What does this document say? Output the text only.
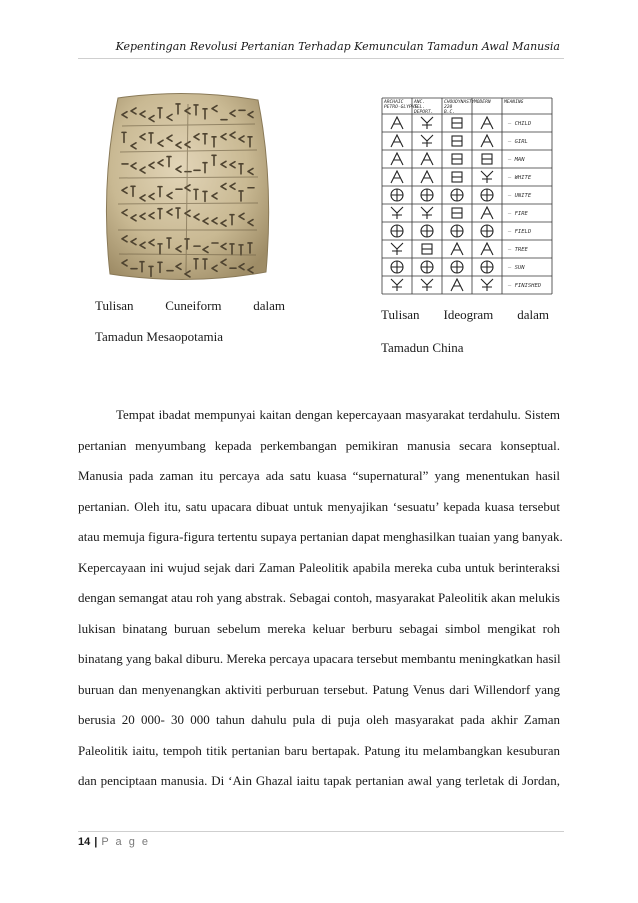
Kepentingan Revolusi Pertanian Terhadap Kemunculan Tamadun Awal Manusia
ARCHAIC PETRO-GLYPHS
ANC. TEL. DEPORT.
CHOUDYNASTY 220 B.C.
MODERN	MEANING
— CHILD
— GIRL
— MAN
— WHITE
— UNITE
— FIRE
— FIELD
— TREE
— SUN
— FINISHED
Tulisan Cuneiform dalam
Tamadun Mesaopotamia
Tulisan Ideogram dalam
Tamadun China
Tempat ibadat mempunyai kaitan dengan kepercayaan masyarakat terdahulu. Sistem
pertanian menyumbang kepada perkembangan pemikiran manusia secara konseptual.
Manusia pada zaman itu percaya ada satu kuasa “supernatural” yang menentukan hasil
pertanian. Oleh itu, satu upacara dibuat untuk menyajikan ‘sesuatu’ kepada kuasa tersebut
atau memuja figura-figura tertentu supaya pertanian dapat menghasilkan tuaian yang banyak.
Kepercayaan ini wujud sejak dari Zaman Paleolitik apabila mereka cuba untuk berinteraksi
dengan semangat atau roh yang abstrak. Sebagai contoh, masyarakat Paleolitik akan melukis
lukisan binatang buruan sebelum mereka keluar berburu sebagai simbol mengikat roh
binatang yang bakal diburu. Mereka percaya upacara tersebut membantu meningkatkan hasil
buruan dan menyenangkan aktiviti perburuan tersebut. Patung Venus dari Willendorf yang
berusia 20 000- 30 000 tahun dahulu pula di puja oleh masyarakat pada akhir Zaman
Paleolitik iaitu, tempoh titik pertanian baru bertapak. Patung itu melambangkan kesuburan
dan penciptaan manusia. Di ‘Ain Ghazal iaitu tapak pertanian awal yang terletak di Jordan,
14 | P a g e
